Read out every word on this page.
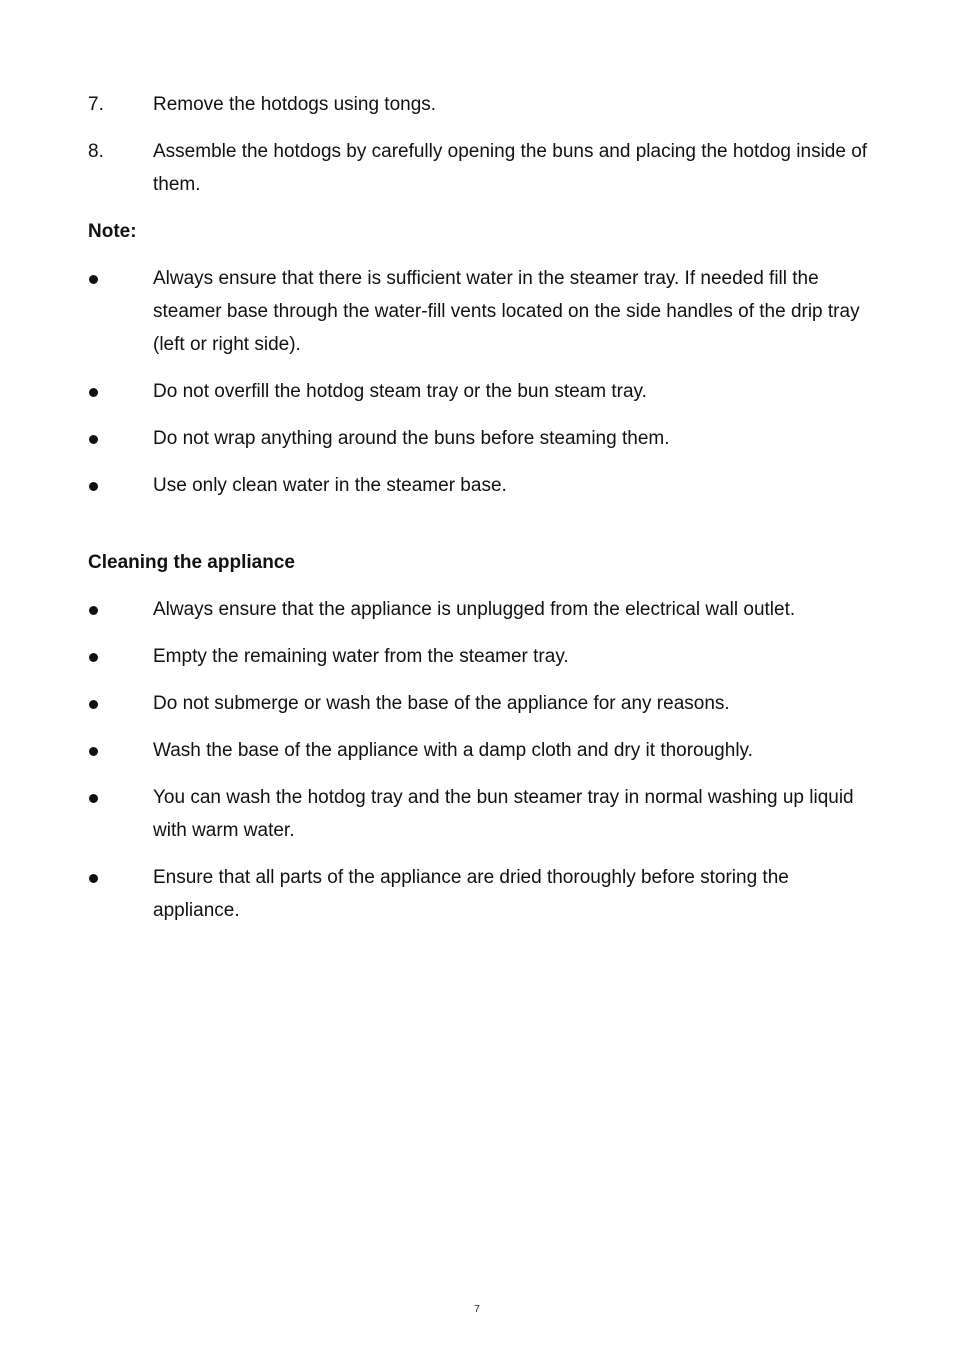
7.	Remove the hotdogs using tongs.
8.	Assemble the hotdogs by carefully opening the buns and placing the hotdog inside of them.
Note:
Always ensure that there is sufficient water in the steamer tray. If needed fill the steamer base through the water-fill vents located on the side handles of the drip tray (left or right side).
Do not overfill the hotdog steam tray or the bun steam tray.
Do not wrap anything around the buns before steaming them.
Use only clean water in the steamer base.
Cleaning the appliance
Always ensure that the appliance is unplugged from the electrical wall outlet.
Empty the remaining water from the steamer tray.
Do not submerge or wash the base of the appliance for any reasons.
Wash the base of the appliance with a damp cloth and dry it thoroughly.
You can wash the hotdog tray and the bun steamer tray in normal washing up liquid with warm water.
Ensure that all parts of the appliance are dried thoroughly before storing the appliance.
7
